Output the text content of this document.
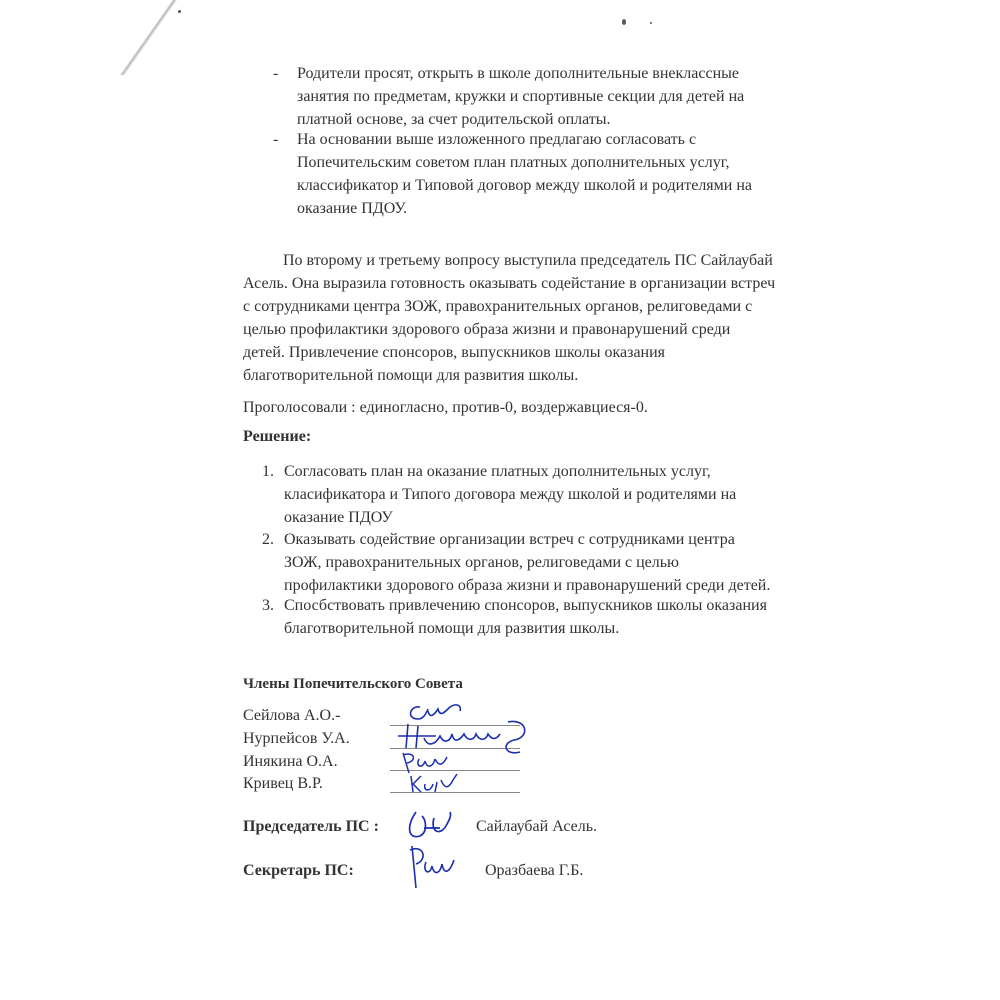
- Родители просят, открыть в школе дополнительные внеклассные
занятия по предметам, кружки и спортивные секции для детей на
платной основе, за счет родительской оплаты.
- На основании выше изложенного предлагаю согласовать с
Попечительским советом план платных дополнительных услуг,
классификатор и Типовой договор между школой и родителями на
оказание ПДОУ.
По второму и третьему вопросу выступила председатель ПС Сайлаубай
Асель. Она выразила готовность оказывать содейстание в организации встреч
с сотрудниками центра ЗОЖ, правохранительных органов, религоведами с
целью профилактики здорового образа жизни и правонарушений среди
детей. Привлечение спонсоров, выпускников школы оказания
благотворительной помощи для развития школы.
Проголосовали : единогласно, против-0, воздержавциеся-0.
Решение:
1. Согласовать план на оказание платных дополнительных услуг,
класификатора и Типого договора между школой и родителями на
оказание ПДОУ
2. Оказывать содействие организации встреч с сотрудниками центра
ЗОЖ, правохранительных органов, религоведами с целью
профилактики здорового образа жизни и правонарушений среди детей.
3. Спосбствовать привлечению спонсоров, выпускников школы оказания
благотворительной помощи для развития школы.
Члены Попечительского Совета
Сейлова А.О.-
Нурпейсов У.А.
Инякина О.А.
Кривец В.Р.
Председатель ПС :	Сайлаубай Асель.
Секретарь ПС:	Оразбаева Г.Б.
